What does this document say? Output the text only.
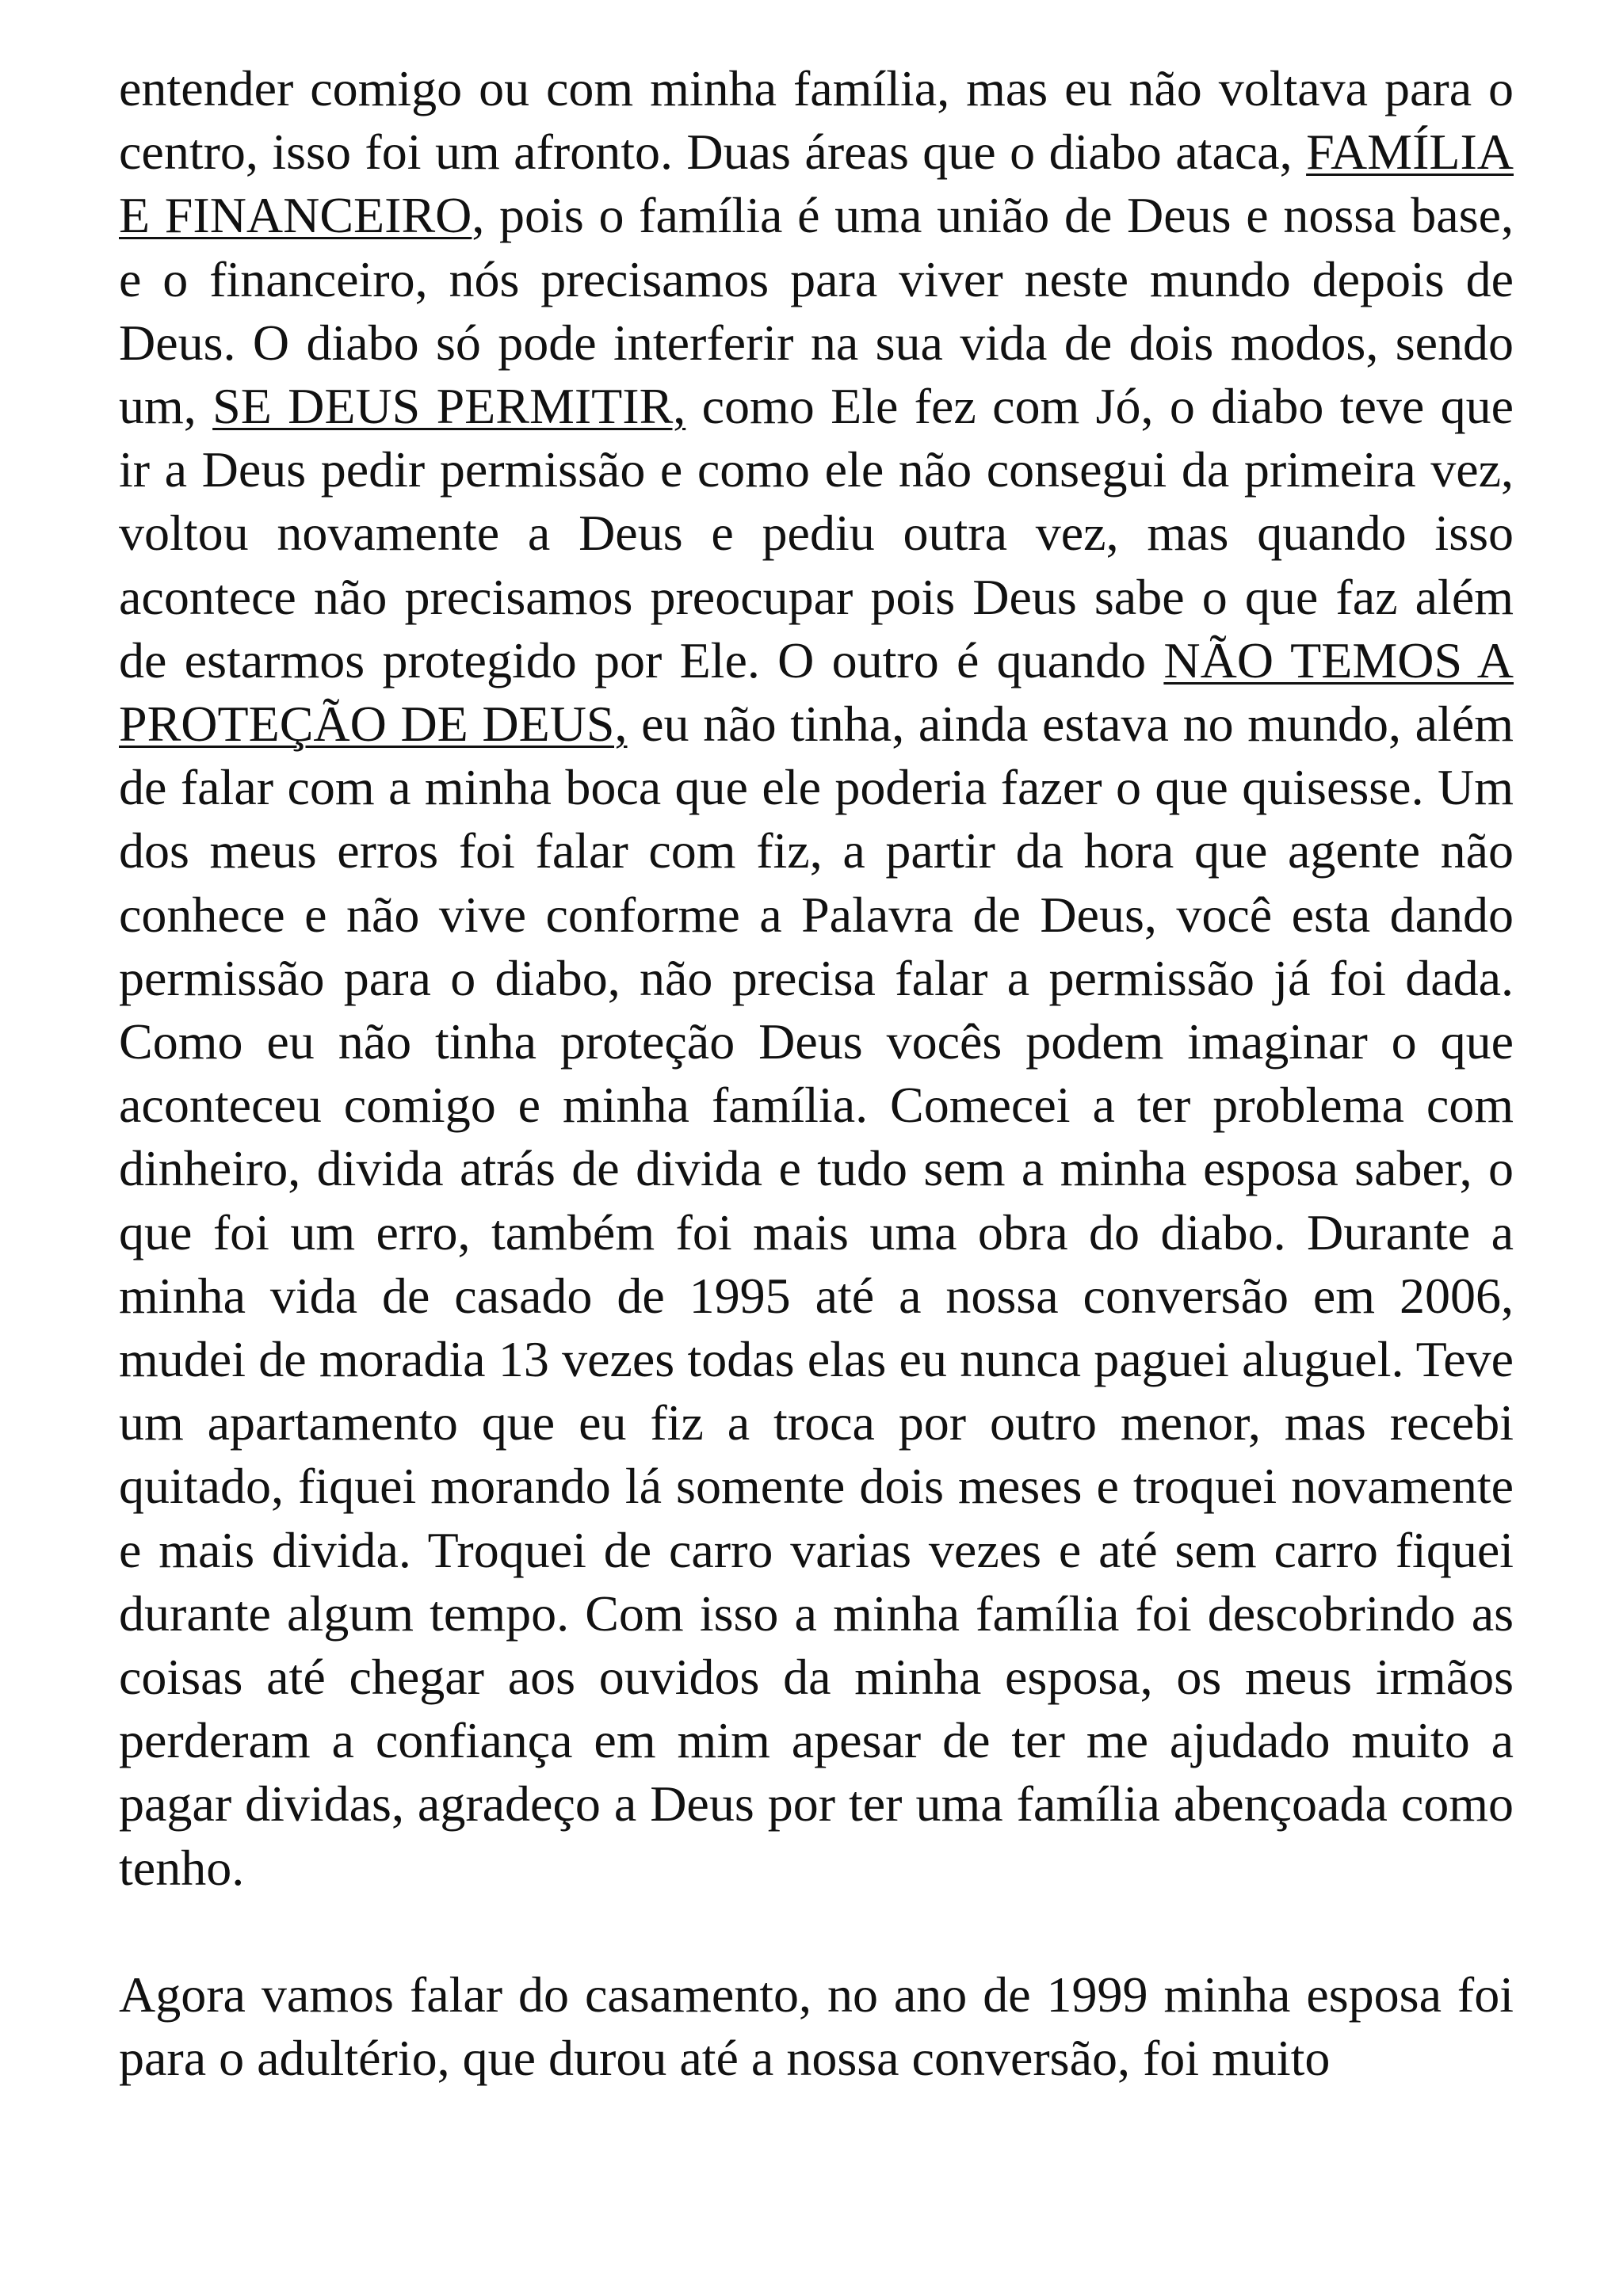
entender comigo ou com minha família, mas eu não voltava para o centro, isso foi um afronto. Duas áreas que o diabo ataca, FAMÍLIA E FINANCEIRO, pois o família é uma união de Deus e nossa base, e o financeiro, nós precisamos para viver neste mundo depois de Deus. O diabo só pode interferir na sua vida de dois modos, sendo um, SE DEUS PERMITIR, como Ele fez com Jó, o diabo teve que ir a Deus pedir permissão e como ele não consegui da primeira vez, voltou novamente a Deus e pediu outra vez, mas quando isso acontece não precisamos preocupar pois Deus sabe o que faz além de estarmos protegido por Ele. O outro é quando NÃO TEMOS A PROTEÇÃO DE DEUS, eu não tinha, ainda estava no mundo, além de falar com a minha boca que ele poderia fazer o que quisesse. Um dos meus erros foi falar com fiz, a partir da hora que agente não conhece e não vive conforme a Palavra de Deus, você esta dando permissão para o diabo, não precisa falar a permissão já foi dada. Como eu não tinha proteção Deus vocês podem imaginar o que aconteceu comigo e minha família. Comecei a ter problema com dinheiro, divida atrás de divida e tudo sem a minha esposa saber, o que foi um erro, também foi mais uma obra do diabo. Durante a minha vida de casado de 1995 até a nossa conversão em 2006, mudei de moradia 13 vezes todas elas eu nunca paguei aluguel. Teve um apartamento que eu fiz a troca por outro menor, mas recebi quitado, fiquei morando lá somente dois meses e troquei novamente e mais divida. Troquei de carro varias vezes e até sem carro fiquei durante algum tempo. Com isso a minha família foi descobrindo as coisas até chegar aos ouvidos da minha esposa, os meus irmãos perderam a confiança em mim apesar de ter me ajudado muito a pagar dividas, agradeço a Deus por ter uma família abençoada como tenho.

Agora vamos falar do casamento, no ano de 1999 minha esposa foi para o adultério, que durou até a nossa conversão, foi muito
